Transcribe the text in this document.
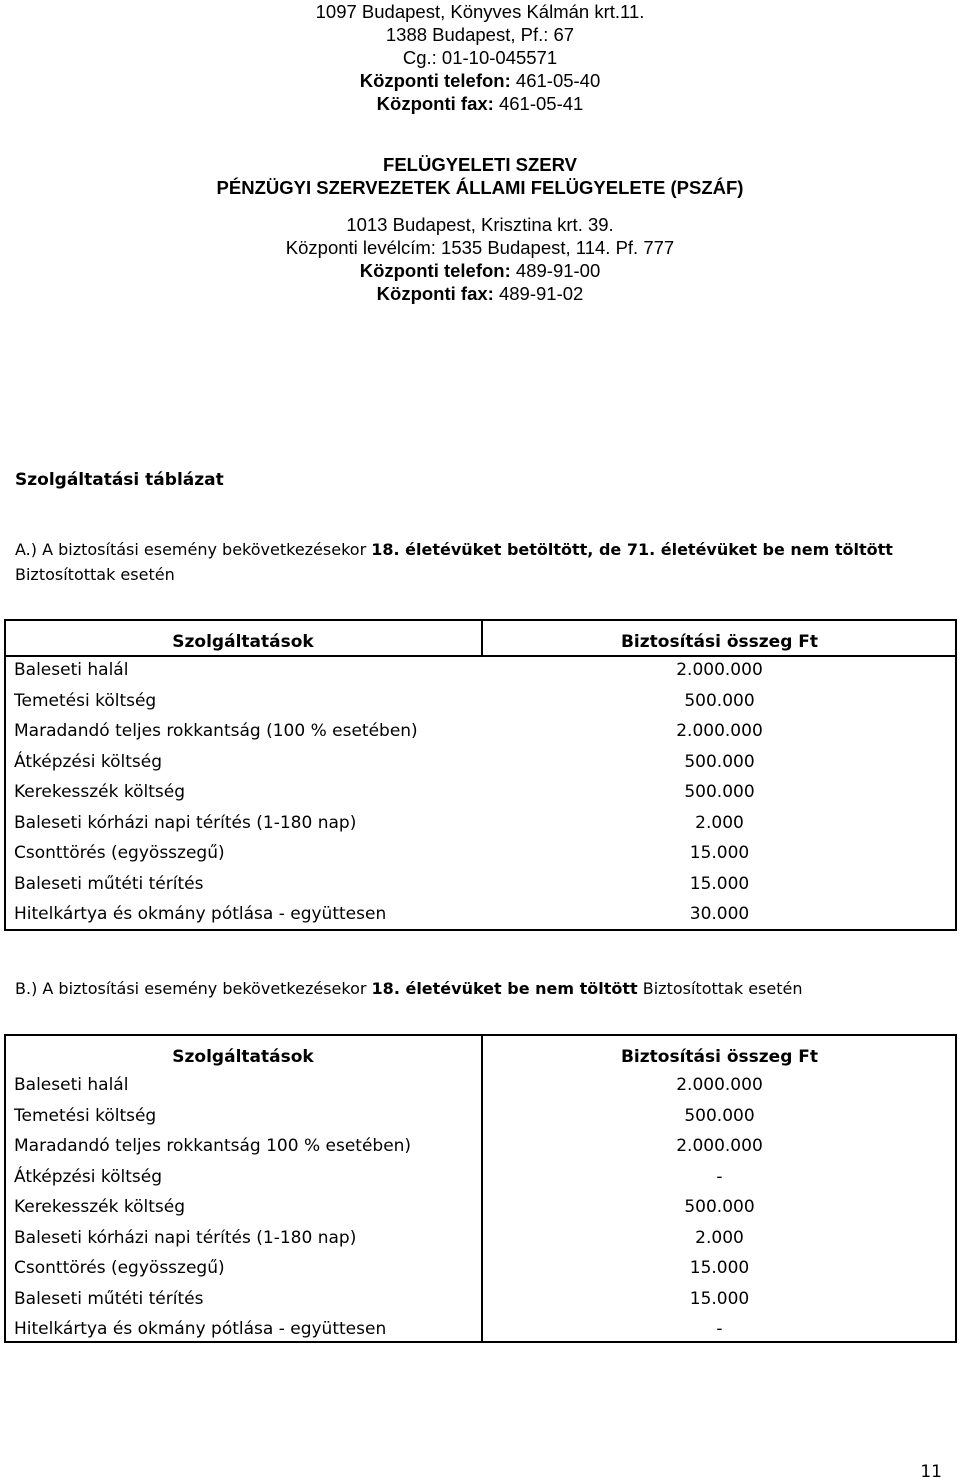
1097 Budapest, Könyves Kálmán krt.11.
1388 Budapest, Pf.: 67
Cg.: 01-10-045571
Központi telefon: 461-05-40
Központi fax: 461-05-41
FELÜGYELETI SZERV
PÉNZÜGYI SZERVEZETEK ÁLLAMI FELÜGYELETE (PSZÁF)
1013 Budapest, Krisztina krt. 39.
Központi levélcím: 1535 Budapest, 114. Pf. 777
Központi telefon: 489-91-00
Központi fax: 489-91-02
Szolgáltatási táblázat
A.) A biztosítási esemény bekövetkezésekor 18. életévüket betöltött, de 71. életévüket be nem töltött
Biztosítottak esetén
Szolgáltatások	Biztosítási összeg Ft
Baleseti halál	2.000.000
Temetési költség	500.000
Maradandó teljes rokkantság (100 % esetében)	2.000.000
Átképzési költség	500.000
Kerekesszék költség	500.000
Baleseti kórházi napi térítés (1-180 nap)	2.000
Csonttörés (egyösszegű)	15.000
Baleseti műtéti térítés	15.000
Hitelkártya és okmány pótlása - együttesen	30.000
B.) A biztosítási esemény bekövetkezésekor 18. életévüket be nem töltött Biztosítottak esetén
Szolgáltatások	Biztosítási összeg Ft
Baleseti halál	2.000.000
Temetési költség	500.000
Maradandó teljes rokkantság 100 % esetében)	2.000.000
Átképzési költség	-
Kerekesszék költség	500.000
Baleseti kórházi napi térítés (1-180 nap)	2.000
Csonttörés (egyösszegű)	15.000
Baleseti műtéti térítés	15.000
Hitelkártya és okmány pótlása - együttesen	-
11
